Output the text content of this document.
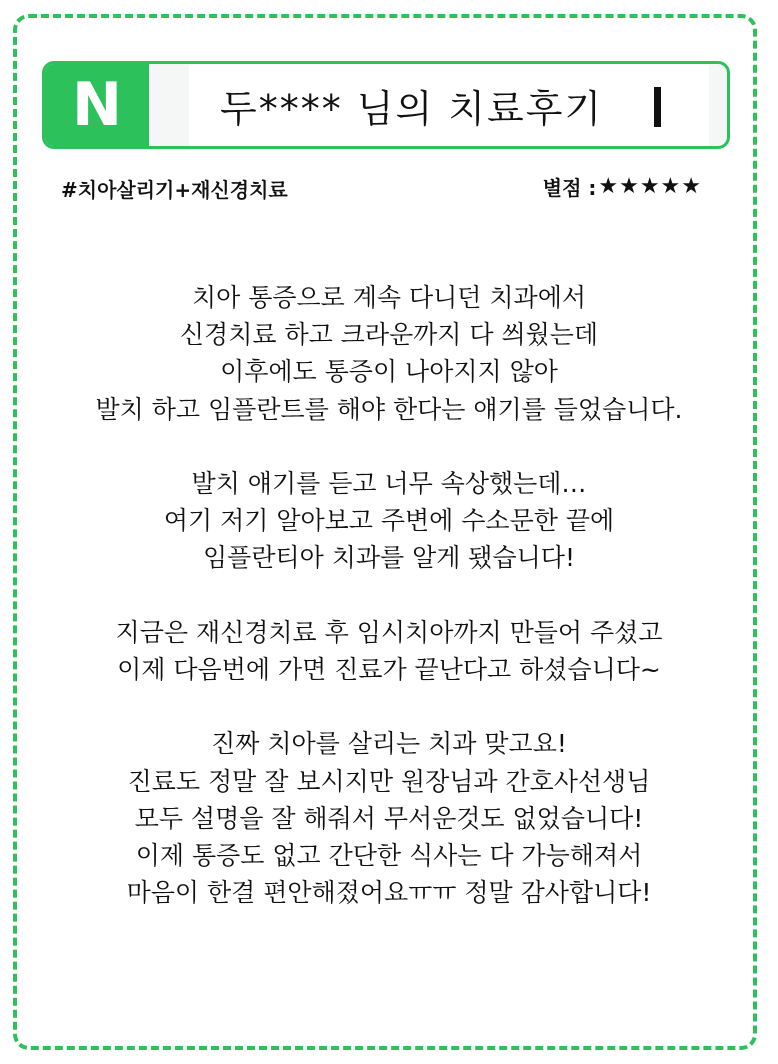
N	두**** 님의 치료후기
#치아살리기+재신경치료	별점 : ★★★★★
치아 통증으로 계속 다니던 치과에서
신경치료 하고 크라운까지 다 씌웠는데
이후에도 통증이 나아지지 않아
발치 하고 임플란트를 해야 한다는 얘기를 들었습니다.
발치 얘기를 듣고 너무 속상했는데…
여기 저기 알아보고 주변에 수소문한 끝에
임플란티아 치과를 알게 됐습니다!
지금은 재신경치료 후 임시치아까지 만들어 주셨고
이제 다음번에 가면 진료가 끝난다고 하셨습니다~
진짜 치아를 살리는 치과 맞고요!
진료도 정말 잘 보시지만 원장님과 간호사선생님
모두 설명을 잘 해줘서 무서운것도 없었습니다!
이제 통증도 없고 간단한 식사는 다 가능해져서
마음이 한결 편안해졌어요ㅠㅠ 정말 감사합니다!
